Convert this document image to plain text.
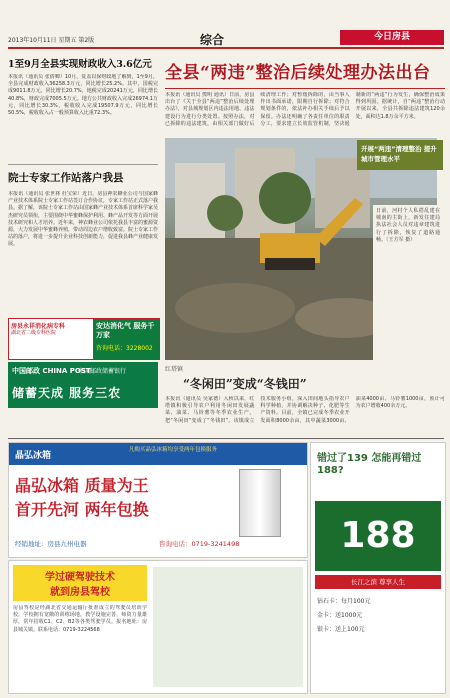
2013年10月11日 星期五 第2版	综合	今日房县
1至9月全县实现财政收入3.6亿元
本报讯（通讯员 张倩卿）10月，复盖以保财政地了解到，1至9月，全县完成财政收入36258.3万元，同比增长25.2%。其中，国税完成9011.8万元，同比增长20.7%，地税完成20241万元，同比增长40.8%，财政完成7005.5万元。地方公共财政收入完成26974.1万元，同比增长30.3%，税收收入完成19507.9万元，同比增长50.5%，税收收入占一般预算收入比重72.3%。
院士专家工作站落户我县
本报讯（通讯员 张世林 杜宝荣）近日，房县神农蜂业公司与国家蜂产业技术体系院士专家工作站签订合作协议，专家工作站正式落户我县。据了解，该院士专家工作站由国家蜂产业技术体系首席科学家吴杰研究员领衔，主要围绕中华蜜蜂保护利用、蜂产品开发等方面开展技术研究和人才培养。近年来，神农蜂业公司依托我县丰富的蜜源资源，大力发展中华蜜蜂养殖，带动周边农户增收致富。院士专家工作站的落户，将进一步提升企业科技创新能力，促进我县蜂产业健康发展。
房县永祥消化病专科
湖北省二级专科医院
安达消化气 服务千万家
咨询电话：3228002
中国邮政 CHINA POST
中国邮政储蓄银行
储蓄天成 服务三农
全县“两违”整治后续处理办法出台
本报讯（通讯员 熊明 通讯）日前，房县出台了《关于全县“两违”整治后续处理办法》，对县城规划区内违法用地、违法建设行为进行分类处置。按照办法，对已拆除的违法建筑，由相关部门做好后续清理工作；对暂缓拆除的，由当事人作出书面承诺，限期自行拆除；对符合规划条件的，依法补办相关手续后予以保留。办法还明确了各责任单位的职责分工，要求建立长效监管机制，坚决遏制新的“两违”行为发生，确保整治成果得到巩固。据统计，自“两违”整治行动开展以来，全县共拆除违法建筑120余处，面积达1.8万余平方米。
开展“两违”清理整治 提升城市管理水平
日前，河村个人私搭乱建在城南的主街上，新发住建局执法社会人员对违章建筑进行了拆除，恢复了道路通畅。（王方军 摄）
红塔镇
“冬闲田”变成“冬钱田”
本报讯（通讯员 吴家德）入秋以来，红塔镇积极引导农户利用冬闲田发展蔬菜、油菜、马铃薯等冬季农业生产，把“冬闲田”变成了“冬钱田”。该镇成立技术服务小组，深入田间地头指导农户科学种植，并协调解决种子、化肥等生产资料。目前，全镇已完成冬季农业开发面积8000余亩，其中蔬菜3000亩、油菜4000亩、马铃薯1000亩，预计可为农户增收400余万元。
晶弘冰箱
凡购买晶弘冰箱均享受两年包换服务
晶弘冰箱 质量为王
首开先河 两年包换
经销地址：房县九州电器	咨询电话：0719-3241498
错过了139 怎能再错过188?
188
长江之滨 尊享人生
钻石卡：每月100元
金卡：送1000元
银卡：送上100元
学过硬驾驶技术
就到房县驾校
房县驾校是经湖北省交通运输厅批准成立的驾驶员培训学校，学校拥有宽敞的训练场地，教学设施完善，师资力量雄厚，常年招收C1、C2、B2等各类驾驶学员。报名地址：房县城关镇。联系电话：0719-3224568
